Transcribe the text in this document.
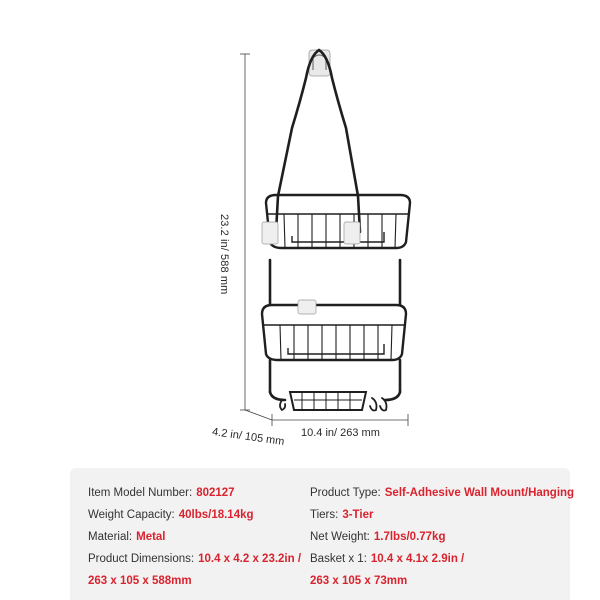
23.2 in/ 588 mm
4.2 in/ 105 mm 10.4 in/ 263 mm
Item Model Number: 802127
Weight Capacity: 40lbs/18.14kg
Material: Metal
Product Dimensions: 10.4 x 4.2 x 23.2in /
263 x 105 x 588mm
Product Type: Self-Adhesive Wall Mount/Hanging
Tiers: 3-Tier
Net Weight: 1.7lbs/0.77kg
Basket x 1: 10.4 x 4.1x 2.9in /
263 x 105 x 73mm
